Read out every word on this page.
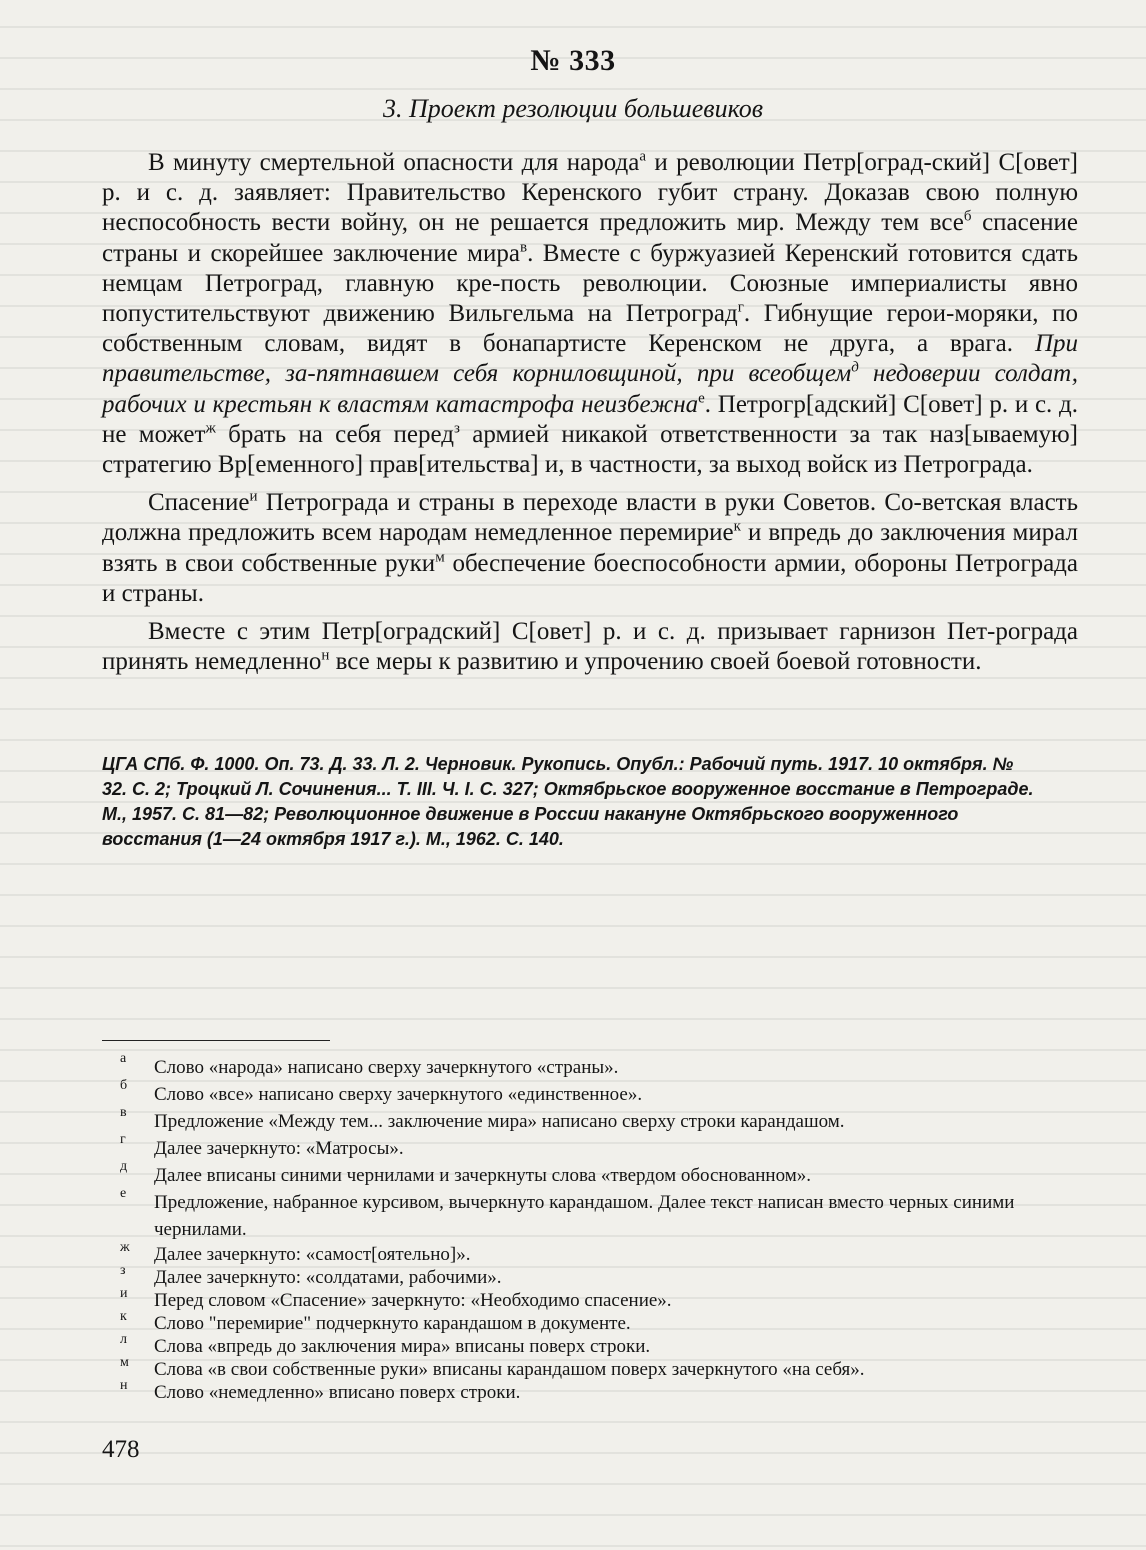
№ 333
3. Проект резолюции большевиков

В минуту смертельной опасности для народа$^а$ и революции Петр[оград-ский] С[овет] р. и с. д. заявляет: Правительство Керенского губит страну. Доказав свою полную неспособность вести войну, он не решается предложить мир. Между тем все$^б$ спасение страны и скорейшее заключение мира$^в$. Вместе с буржуазией Керенский готовится сдать немцам Петроград, главную кре-пость революции. Союзные империалисты явно попустительствуют движению Вильгельма на Петроград$^г$. Гибнущие герои-моряки, по собственным словам, видят в бонапартисте Керенском не друга, а врага. При правительстве, за-пятнавшем себя корниловщиной, при всеобщем$^д$ недоверии солдат, рабочих и крестьян к властям катастрофа неизбежна$^е$. Петрогр[адский] С[овет] р. и с. д. не может$^ж$ брать на себя перед$^з$ армией никакой ответственности за так наз[ываемую] стратегию Вр[еменного] прав[ительства] и, в частности, за выход войск из Петрограда.

Спасение$^и$ Петрограда и страны в переходе власти в руки Советов. Со-ветская власть должна предложить всем народам немедленное перемирие$^к$ и впредь до заключения мирал взять в свои собственные руки$^м$ обеспечение боеспособности армии, обороны Петрограда и страны.

Вместе с этим Петр[оградский] С[овет] р. и с. д. призывает гарнизон Пет-рограда принять немедленно$^н$ все меры к развитию и упрочению своей боевой готовности.

ЦГА СПб. Ф. 1000. Оп. 73. Д. 33. Л. 2. Черновик. Рукопись. Опубл.: Рабочий путь. 1917. 10 октября. № 32. С. 2; Троцкий Л. Сочинения... Т. III. Ч. I. С. 327; Октябрьское вооруженное восстание в Петрограде. М., 1957. С. 81—82; Революционное движение в России накануне Октябрьского вооруженного восстания (1—24 октября 1917 г.). М., 1962. С. 140.
а	Слово «народа» написано сверху зачеркнутого «страны».
б	Слово «все» написано сверху зачеркнутого «единственное».
в	Предложение «Между тем... заключение мира» написано сверху строки карандашом.
г	Далее зачеркнуто: «Матросы».
д	Далее вписаны синими чернилами и зачеркнуты слова «твердом обоснованном».
е	Предложение, набранное курсивом, вычеркнуто карандашом. Далее текст написан вместо черных синими чернилами.
ж	Далее зачеркнуто: «самост[оятельно]».
з	Далее зачеркнуто: «солдатами, рабочими».
и	Перед словом «Спасение» зачеркнуто: «Необходимо спасение».
к	Слово "перемирие" подчеркнуто карандашом в документе.
л	Слова «впредь до заключения мира» вписаны поверх строки.
м	Слова «в свои собственные руки» вписаны карандашом поверх зачеркнутого «на себя».
н	Слово «немедленно» вписано поверх строки.
478
